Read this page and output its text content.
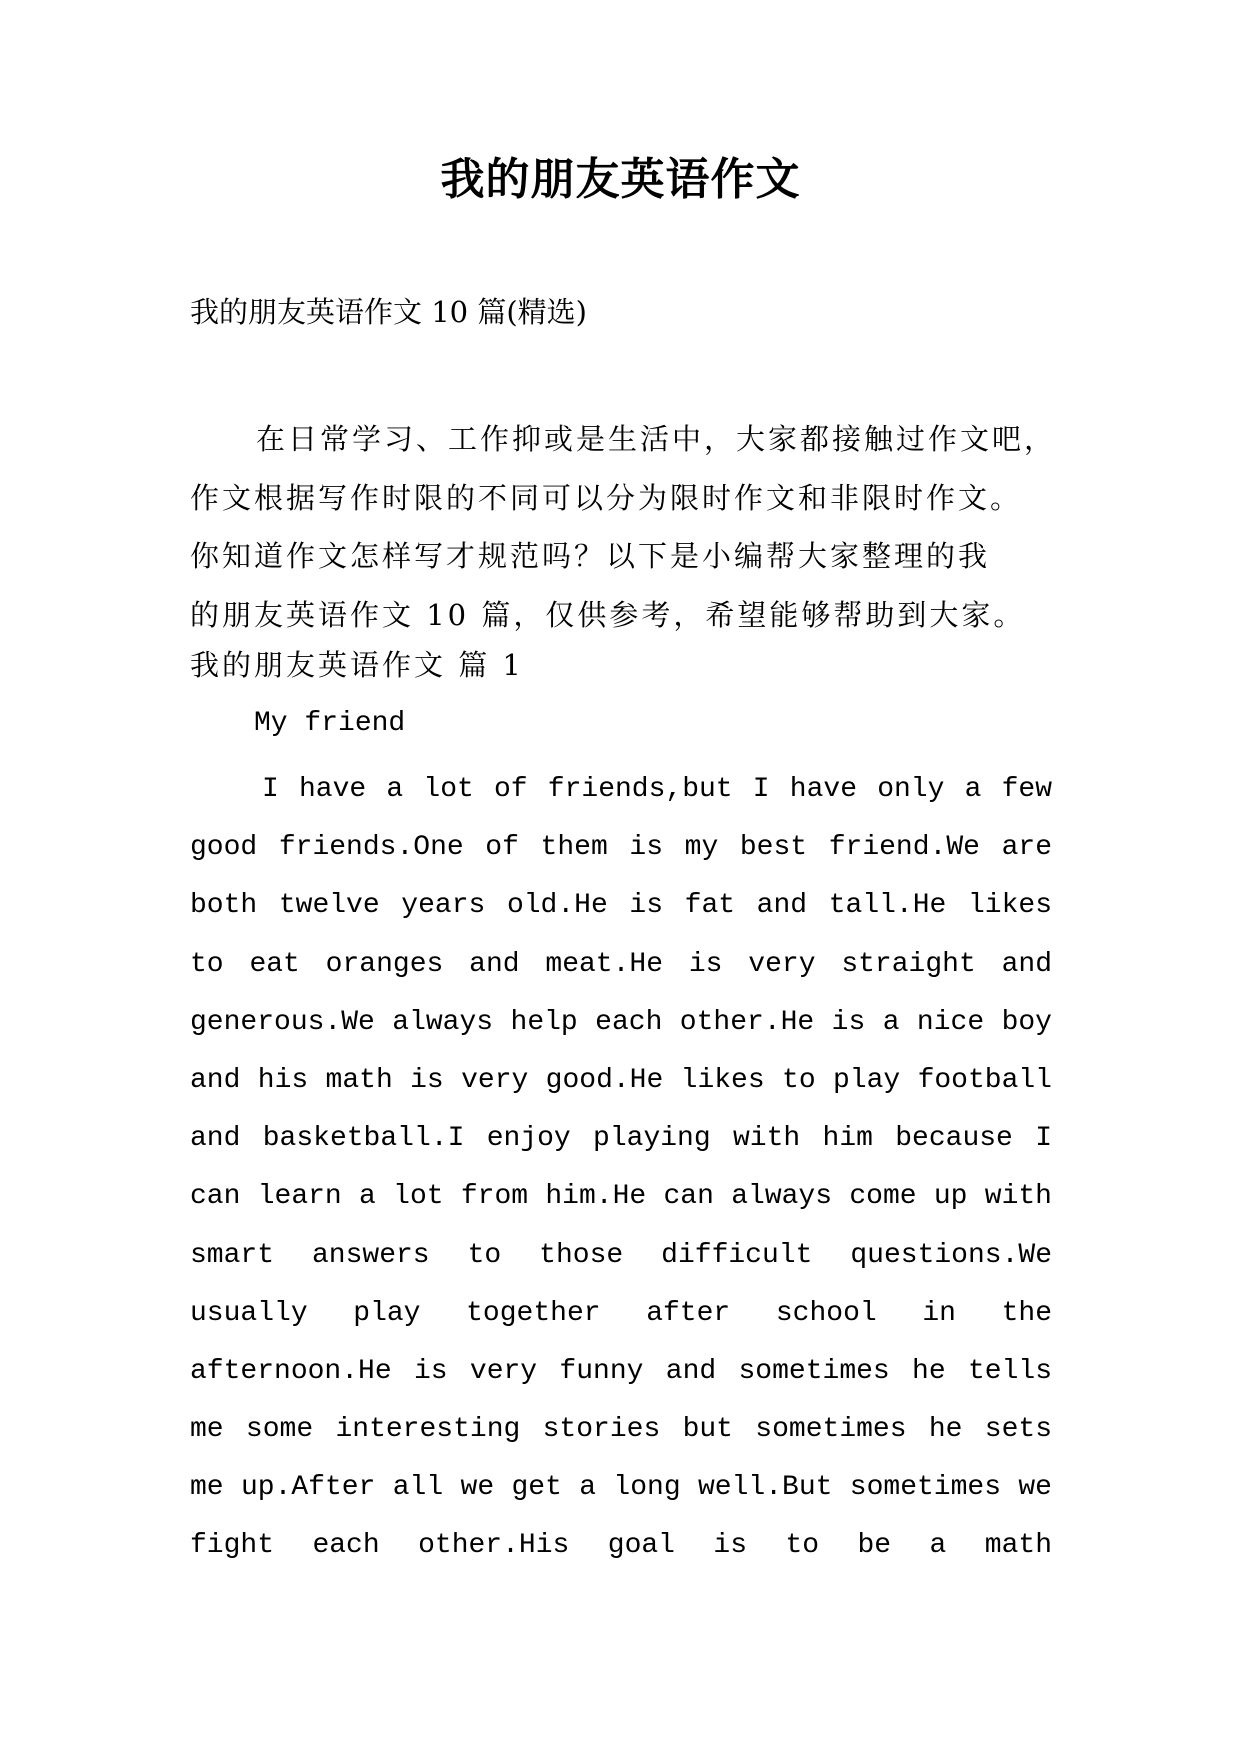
我的朋友英语作文
我的朋友英语作文 10 篇(精选)
在日常学习、工作抑或是生活中，大家都接触过作文吧，
作文根据写作时限的不同可以分为限时作文和非限时作文。
你知道作文怎样写才规范吗？以下是小编帮大家整理的我
的朋友英语作文 10 篇，仅供参考，希望能够帮助到大家。
我的朋友英语作文 篇 1
My friend
I have a lot of friends,but I have only a few
good friends.One of them is my best friend.We are
both twelve years old.He is fat and tall.He likes
to eat oranges and meat.He is very straight and
generous.We always help each other.He is a nice boy
and his math is very good.He likes to play football
and basketball.I enjoy playing with him because I
can learn a lot from him.He can always come up with
smart answers to those difficult questions.We
usually play together after school in the
afternoon.He is very funny and sometimes he tells
me some interesting stories but sometimes he sets
me up.After all we get a long well.But sometimes we
fight each other.His goal is to be a math
